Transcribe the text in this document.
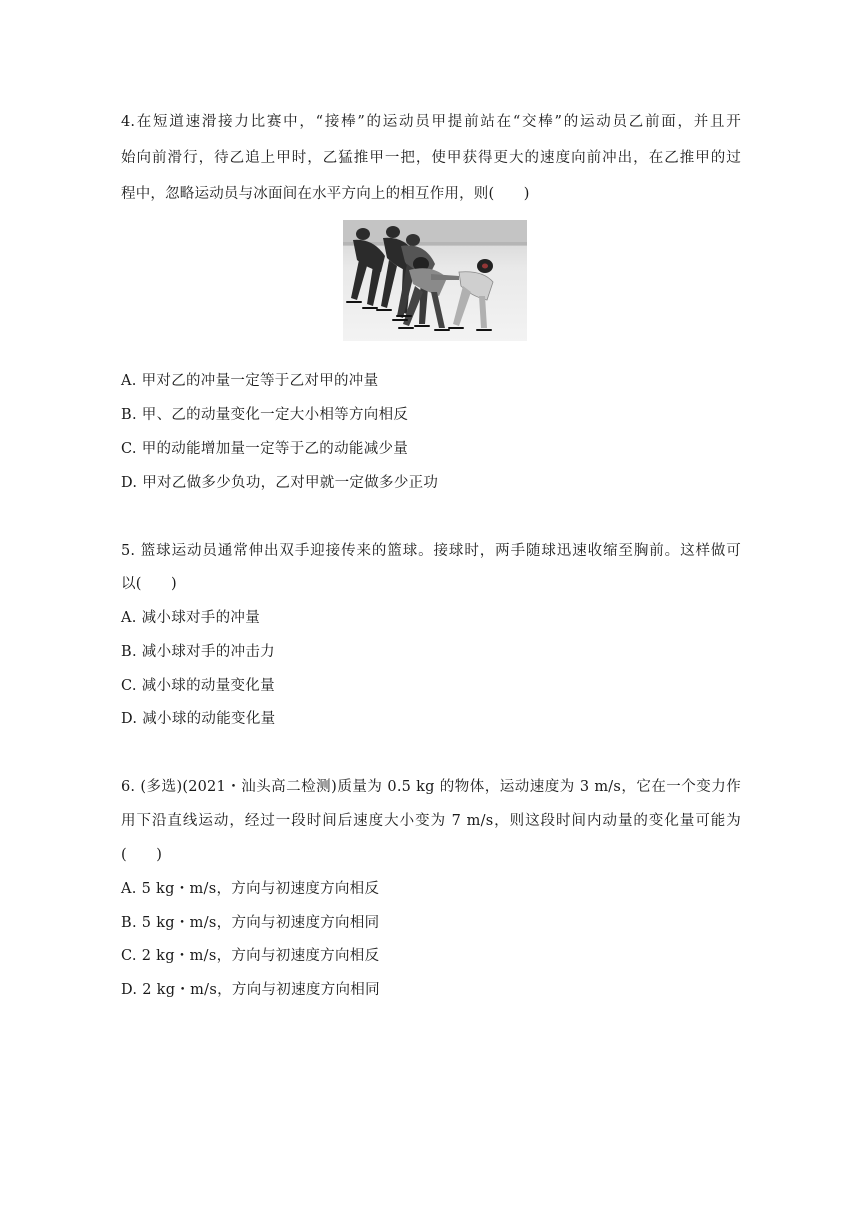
4.在短道速滑接力比赛中，“接棒”的运动员甲提前站在“交棒”的运动员乙前面，并且开
始向前滑行，待乙追上甲时，乙猛推甲一把，使甲获得更大的速度向前冲出，在乙推甲的过
程中，忽略运动员与冰面间在水平方向上的相互作用，则(　　)
A. 甲对乙的冲量一定等于乙对甲的冲量
B. 甲、乙的动量变化一定大小相等方向相反
C. 甲的动能增加量一定等于乙的动能减少量
D. 甲对乙做多少负功，乙对甲就一定做多少正功
5. 篮球运动员通常伸出双手迎接传来的篮球。接球时，两手随球迅速收缩至胸前。这样做可
以(　　)
A. 减小球对手的冲量
B. 减小球对手的冲击力
C. 减小球的动量变化量
D. 减小球的动能变化量
6. (多选)(2021・汕头高二检测)质量为 0.5 kg 的物体，运动速度为 3 m/s，它在一个变力作
用下沿直线运动，经过一段时间后速度大小变为 7 m/s，则这段时间内动量的变化量可能为
(　　)
A. 5 kg・m/s，方向与初速度方向相反
B. 5 kg・m/s，方向与初速度方向相同
C. 2 kg・m/s，方向与初速度方向相反
D. 2 kg・m/s，方向与初速度方向相同
